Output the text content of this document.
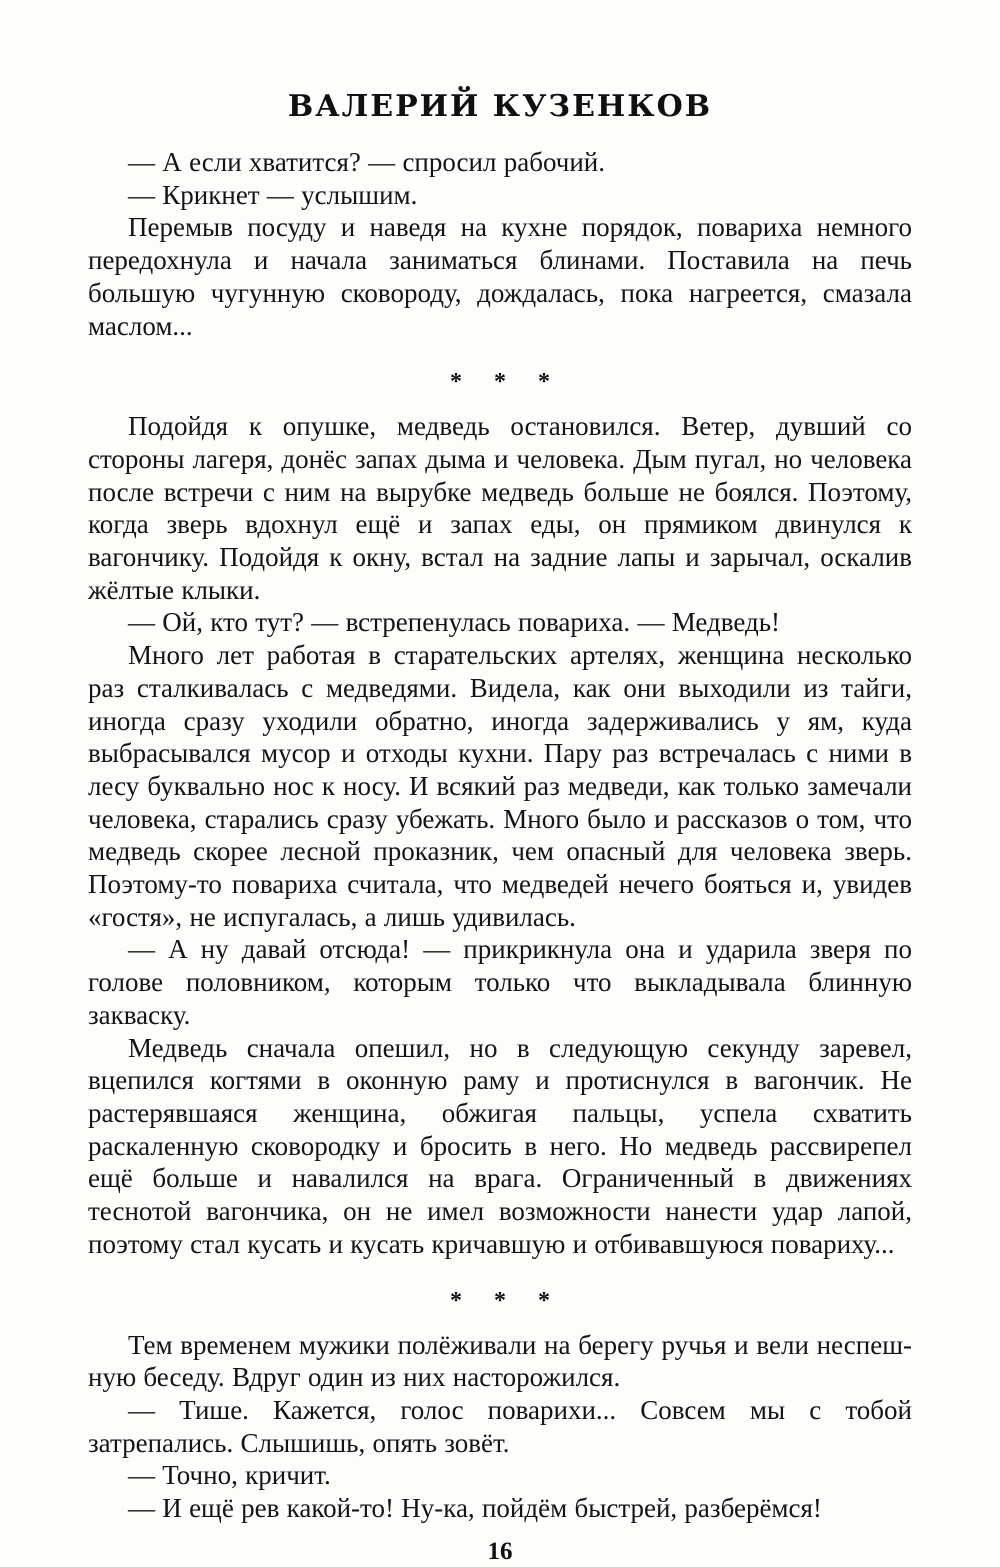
ВАЛЕРИЙ КУЗЕНКОВ

— А если хватится? — спросил рабочий.

— Крикнет — услышим.

Перемыв посуду и наведя на кухне порядок, повариха немного передохнула и начала заниматься блинами. Поставила на печь большую чугунную сковороду, дождалась, пока нагреется, смазала маслом...

* * *

Подойдя к опушке, медведь остановился. Ветер, дувший со стороны лагеря, донёс запах дыма и человека. Дым пугал, но человека после встречи с ним на вырубке медведь больше не боялся. Поэтому, когда зверь вдохнул ещё и запах еды, он прямиком двинулся к вагончику. Подойдя к окну, встал на задние лапы и зарычал, оскалив жёлтые клыки.

— Ой, кто тут? — встрепенулась повариха. — Медведь!

Много лет работая в старательских артелях, женщина несколько раз сталкивалась с медведями. Видела, как они выходили из тайги, иногда сразу уходили обратно, иногда задерживались у ям, куда выбрасывался мусор и отходы кухни. Пару раз встречалась с ними в лесу буквально нос к носу. И всякий раз медведи, как только замечали человека, старались сразу убежать. Много было и рассказов о том, что медведь скорее лесной проказник, чем опасный для человека зверь. Поэтому-то повариха считала, что медведей нечего бояться и, увидев «гостя», не испугалась, а лишь удивилась.

— А ну давай отсюда! — прикрикнула она и ударила зверя по голове половником, которым только что выкладывала блинную закваску.

Медведь сначала опешил, но в следующую секунду заревел, вцепился когтями в оконную раму и протиснулся в вагончик. Не растерявшаяся женщина, обжигая пальцы, успела схватить раскаленную сковородку и бросить в него. Но медведь рассвирепел ещё больше и навалился на врага. Ограниченный в движениях теснотой вагончика, он не имел возможности нанести удар лапой, поэтому стал кусать и кусать кричавшую и отбивавшуюся повариху...

* * *

Тем временем мужики полёживали на берегу ручья и вели неспешную беседу. Вдруг один из них насторожился.

— Тише. Кажется, голос поварихи... Совсем мы с тобой затрепались. Слышишь, опять зовёт.

— Точно, кричит.

— И ещё рев какой-то! Ну-ка, пойдём быстрей, разберёмся!

16
